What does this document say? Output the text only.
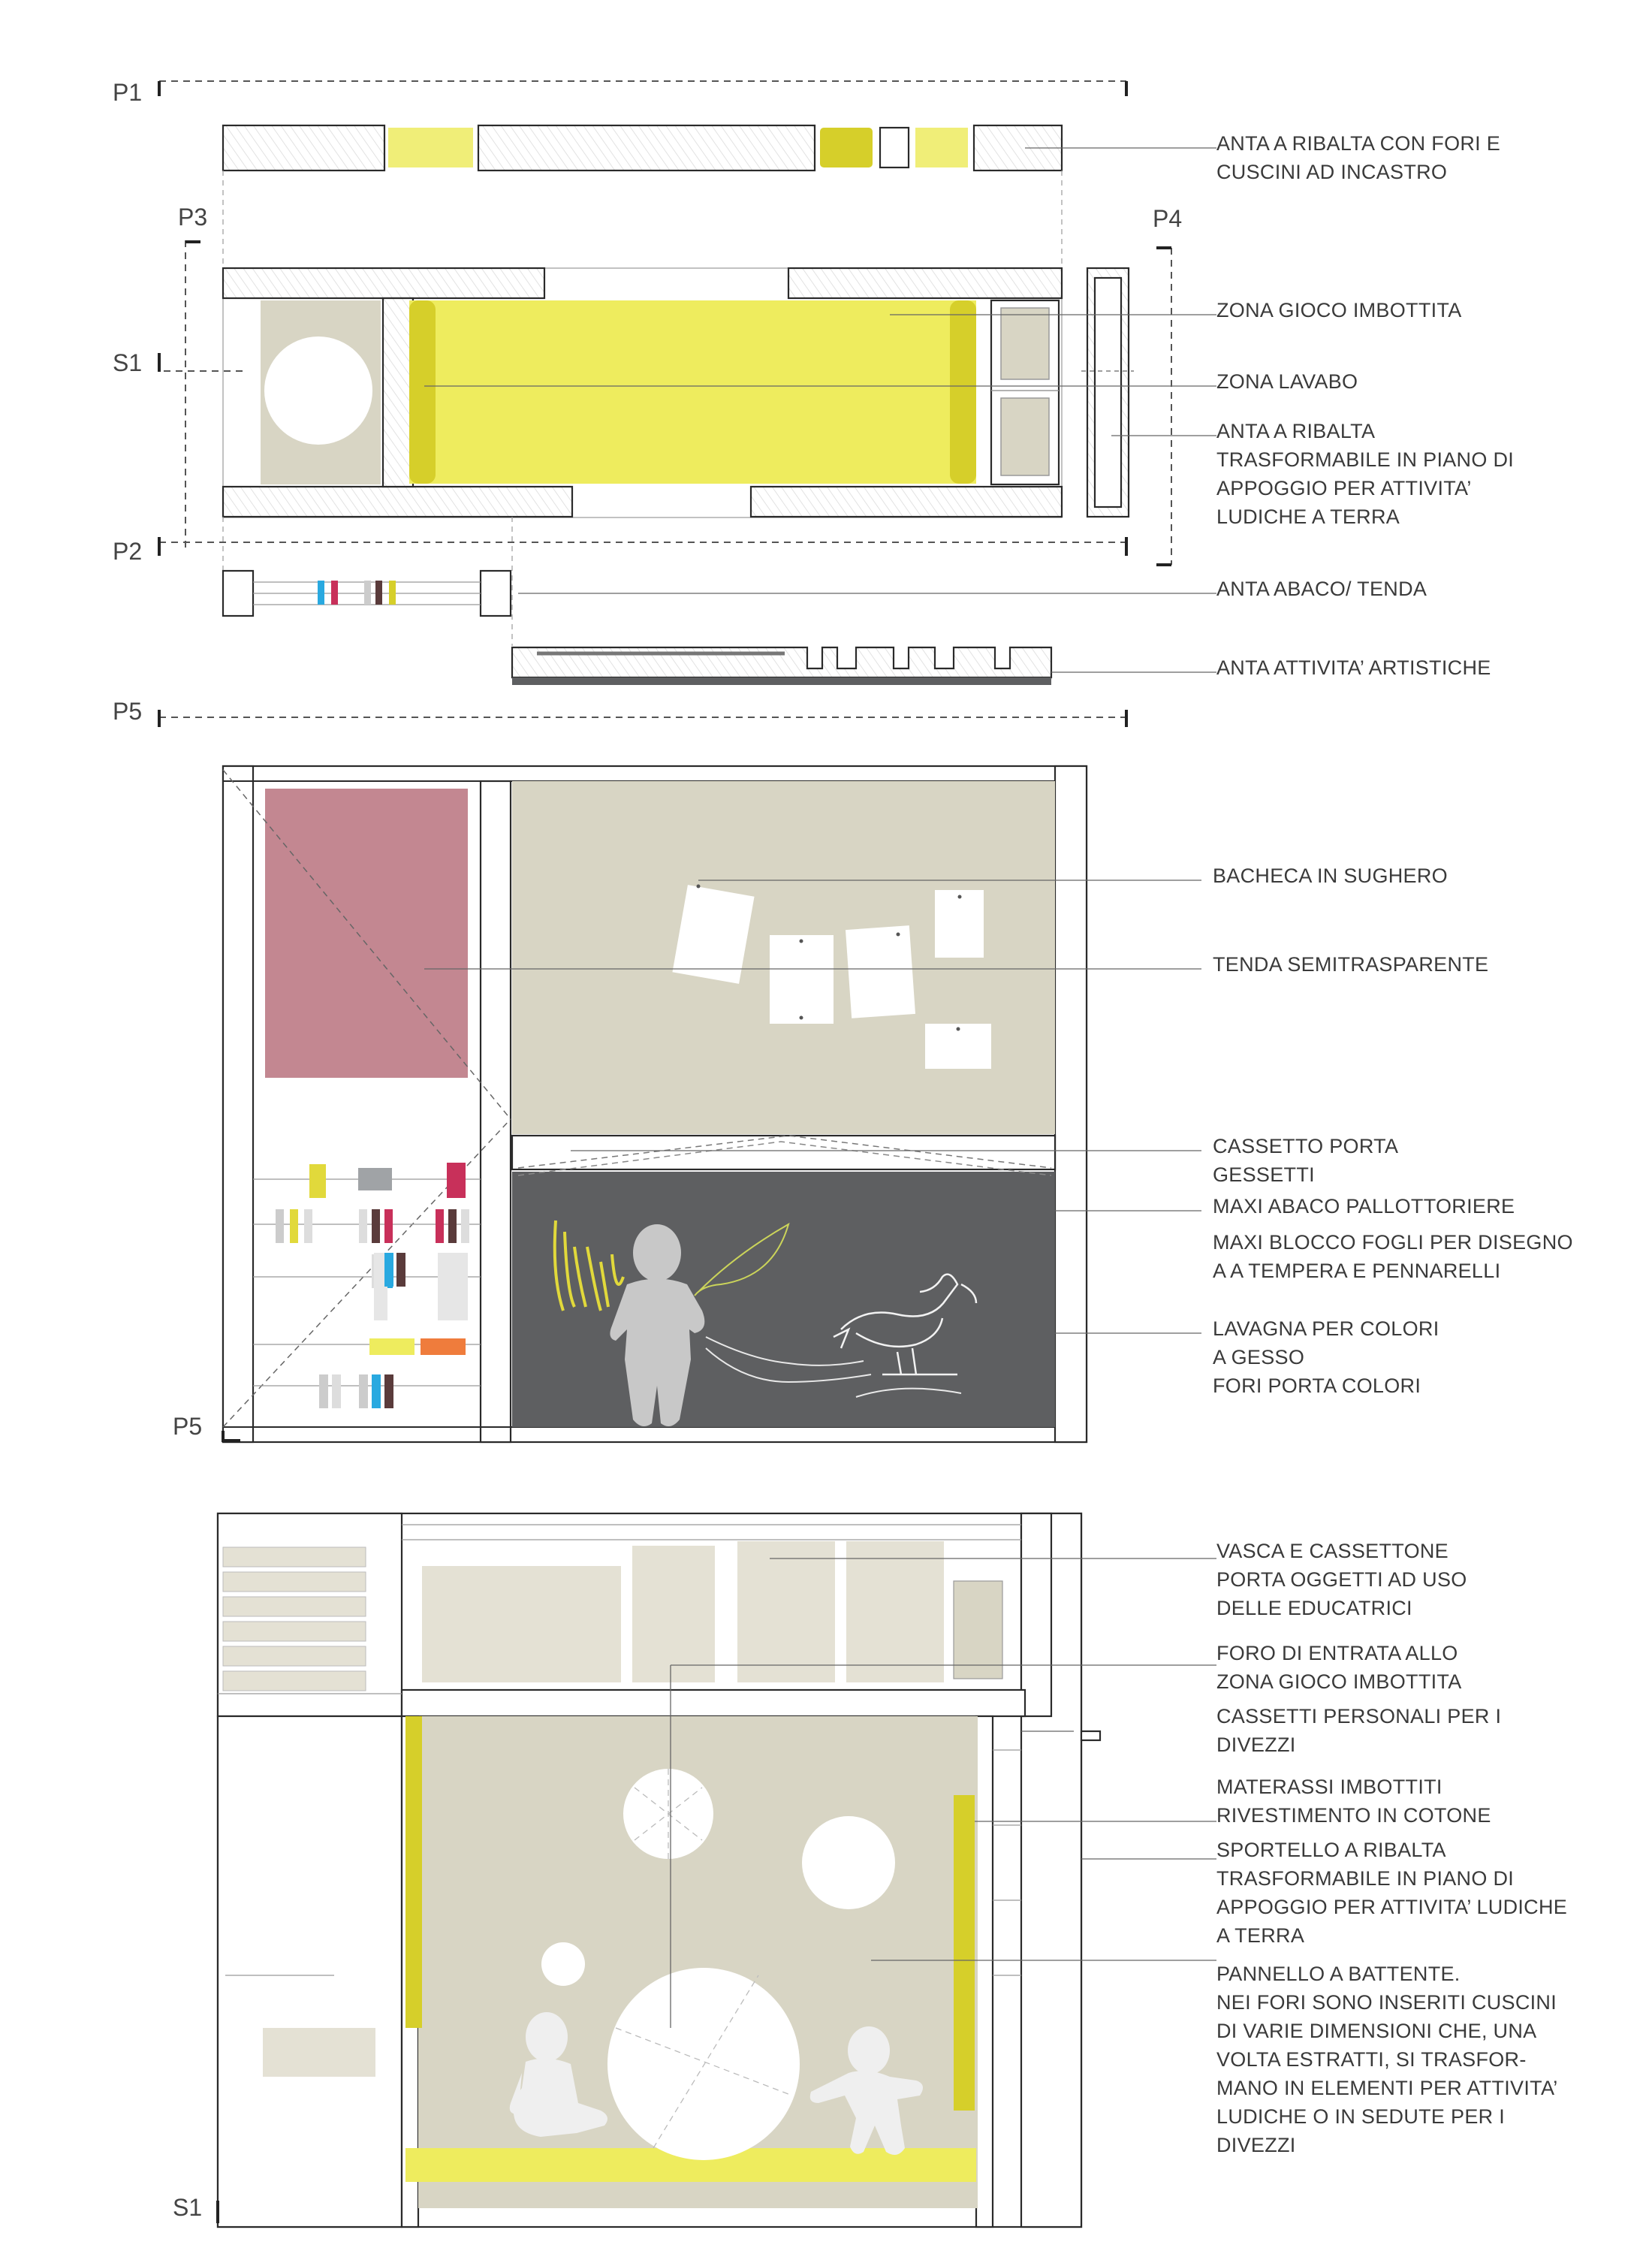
P1
P3	P4
S1
P2
P5
P5
S1
ANTA A RIBALTA CON FORI E
CUSCINI AD INCASTRO
ZONA GIOCO IMBOTTITA
ZONA LAVABO
ANTA A RIBALTA
TRASFORMABILE IN PIANO DI
APPOGGIO PER ATTIVITA’
LUDICHE A TERRA
ANTA ABACO/ TENDA
ANTA ATTIVITA’ ARTISTICHE
BACHECA IN SUGHERO
TENDA SEMITRASPARENTE
CASSETTO PORTA
GESSETTI
MAXI ABACO PALLOTTORIERE
MAXI BLOCCO FOGLI PER DISEGNO
A A TEMPERA E PENNARELLI
LAVAGNA PER COLORI
A GESSO
FORI PORTA COLORI
VASCA E CASSETTONE
PORTA OGGETTI AD USO
DELLE EDUCATRICI
FORO DI ENTRATA ALLO
ZONA GIOCO IMBOTTITA
CASSETTI PERSONALI PER I
DIVEZZI
MATERASSI IMBOTTITI
RIVESTIMENTO IN COTONE
SPORTELLO A RIBALTA
TRASFORMABILE IN PIANO DI
APPOGGIO PER ATTIVITA’ LUDICHE
A TERRA
PANNELLO A BATTENTE.
NEI FORI SONO INSERITI CUSCINI
DI VARIE DIMENSIONI CHE, UNA
VOLTA ESTRATTI, SI TRASFOR-
MANO IN ELEMENTI PER ATTIVITA’
LUDICHE O IN SEDUTE PER I
DIVEZZI
